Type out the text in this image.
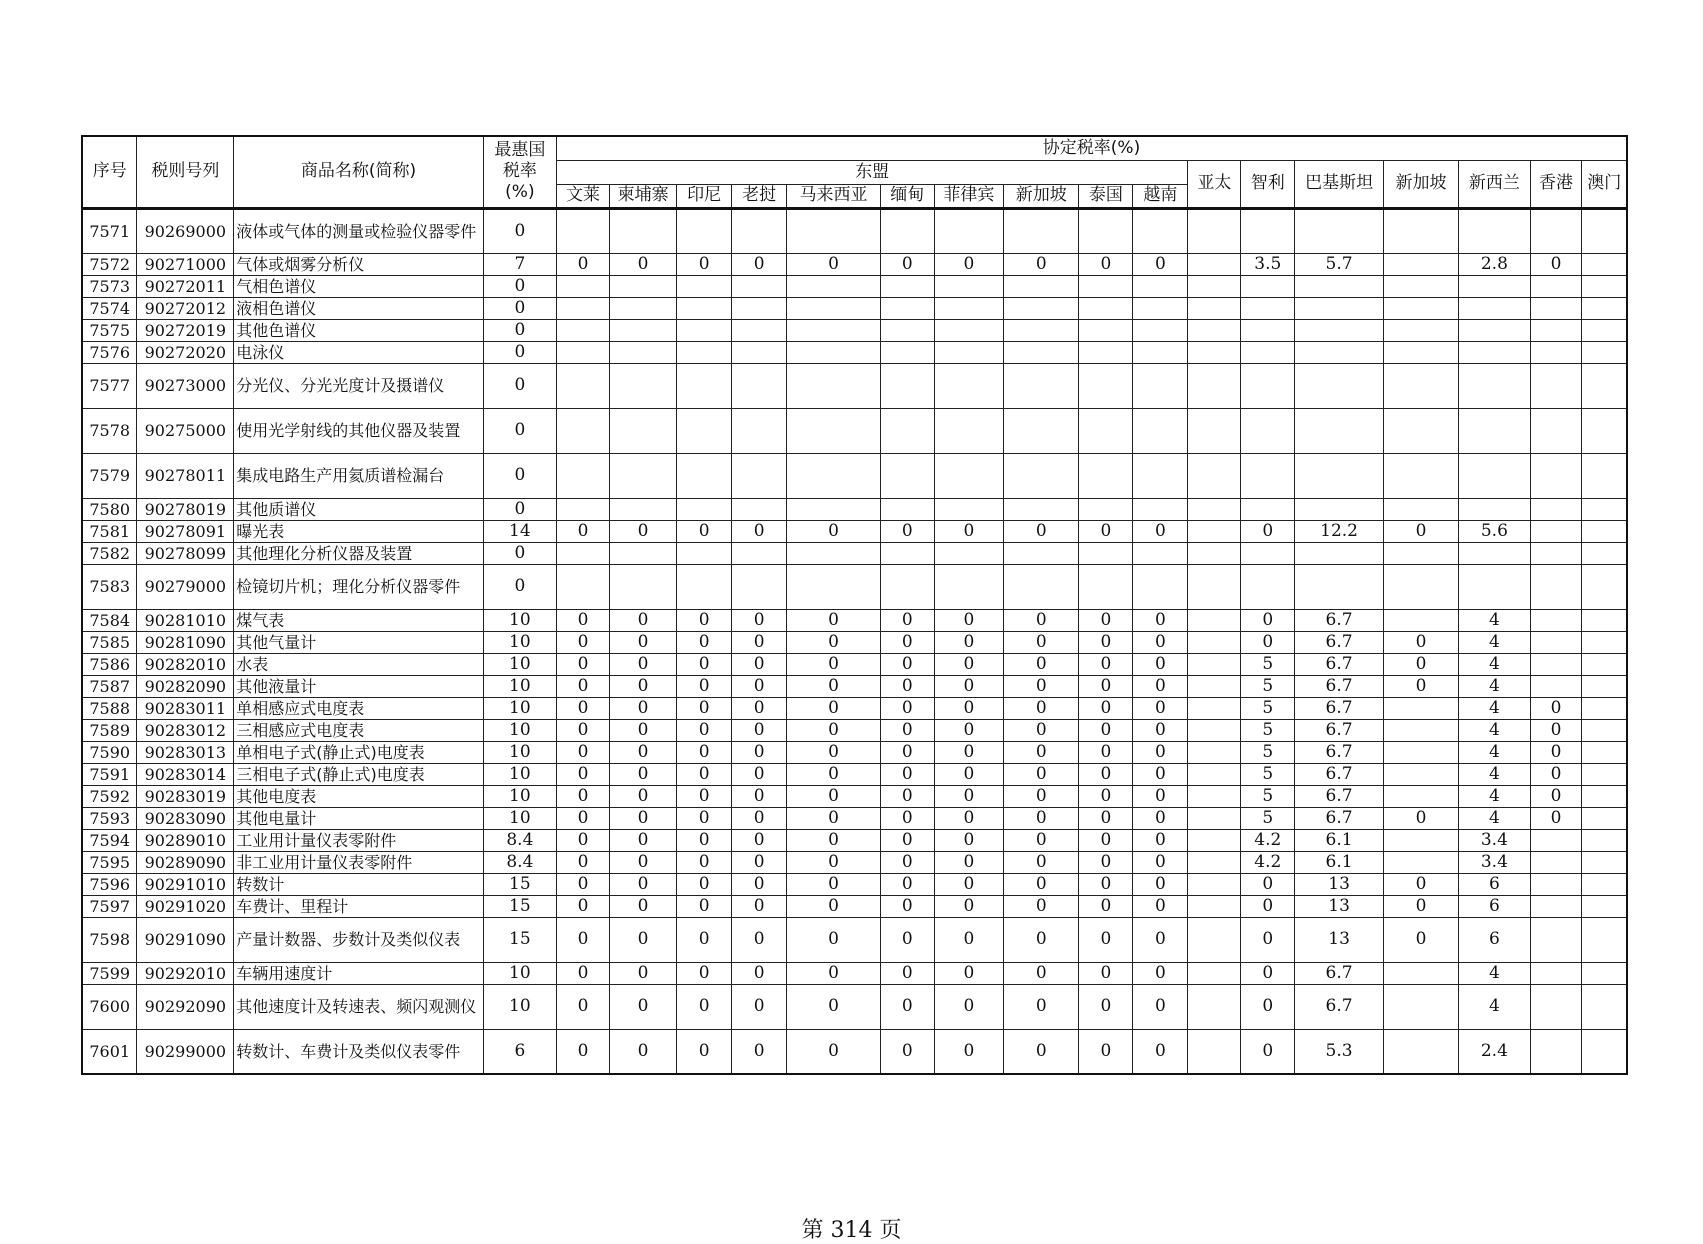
序号	税则号列	商品名称(简称)	最惠国
税率
(%)	协定税率(%)																
				东盟										亚太	智利	巴基斯坦	新加坡	新西兰	香港	澳门
				文莱	柬埔寨	印尼	老挝	马来西亚	缅甸	菲律宾	新加坡	泰国	越南							
7571	90269000	液体或气体的测量或检验仪器零件	0																	
7572	90271000	气体或烟雾分析仪	7	0	0	0	0	0	0	0	0	0	0		3.5	5.7		2.8	0	
7573	90272011	气相色谱仪	0																	
7574	90272012	液相色谱仪	0																	
7575	90272019	其他色谱仪	0																	
7576	90272020	电泳仪	0																	
7577	90273000	分光仪、分光光度计及摄谱仪	0																	
7578	90275000	使用光学射线的其他仪器及装置	0																	
7579	90278011	集成电路生产用氦质谱检漏台	0																	
7580	90278019	其他质谱仪	0																	
7581	90278091	曝光表	14	0	0	0	0	0	0	0	0	0	0		0	12.2	0	5.6		
7582	90278099	其他理化分析仪器及装置	0																	
7583	90279000	检镜切片机；理化分析仪器零件	0																	
7584	90281010	煤气表	10	0	0	0	0	0	0	0	0	0	0		0	6.7		4		
7585	90281090	其他气量计	10	0	0	0	0	0	0	0	0	0	0		0	6.7	0	4		
7586	90282010	水表	10	0	0	0	0	0	0	0	0	0	0		5	6.7	0	4		
7587	90282090	其他液量计	10	0	0	0	0	0	0	0	0	0	0		5	6.7	0	4		
7588	90283011	单相感应式电度表	10	0	0	0	0	0	0	0	0	0	0		5	6.7		4	0	
7589	90283012	三相感应式电度表	10	0	0	0	0	0	0	0	0	0	0		5	6.7		4	0	
7590	90283013	单相电子式(静止式)电度表	10	0	0	0	0	0	0	0	0	0	0		5	6.7		4	0	
7591	90283014	三相电子式(静止式)电度表	10	0	0	0	0	0	0	0	0	0	0		5	6.7		4	0	
7592	90283019	其他电度表	10	0	0	0	0	0	0	0	0	0	0		5	6.7		4	0	
7593	90283090	其他电量计	10	0	0	0	0	0	0	0	0	0	0		5	6.7	0	4	0	
7594	90289010	工业用计量仪表零附件	8.4	0	0	0	0	0	0	0	0	0	0		4.2	6.1		3.4		
7595	90289090	非工业用计量仪表零附件	8.4	0	0	0	0	0	0	0	0	0	0		4.2	6.1		3.4		
7596	90291010	转数计	15	0	0	0	0	0	0	0	0	0	0		0	13	0	6		
7597	90291020	车费计、里程计	15	0	0	0	0	0	0	0	0	0	0		0	13	0	6		
7598	90291090	产量计数器、步数计及类似仪表	15	0	0	0	0	0	0	0	0	0	0		0	13	0	6		
7599	90292010	车辆用速度计	10	0	0	0	0	0	0	0	0	0	0		0	6.7		4		
7600	90292090	其他速度计及转速表、频闪观测仪	10	0	0	0	0	0	0	0	0	0	0		0	6.7		4		
7601	90299000	转数计、车费计及类似仪表零件	6	0	0	0	0	0	0	0	0	0	0		0	5.3		2.4		
第 314 页
